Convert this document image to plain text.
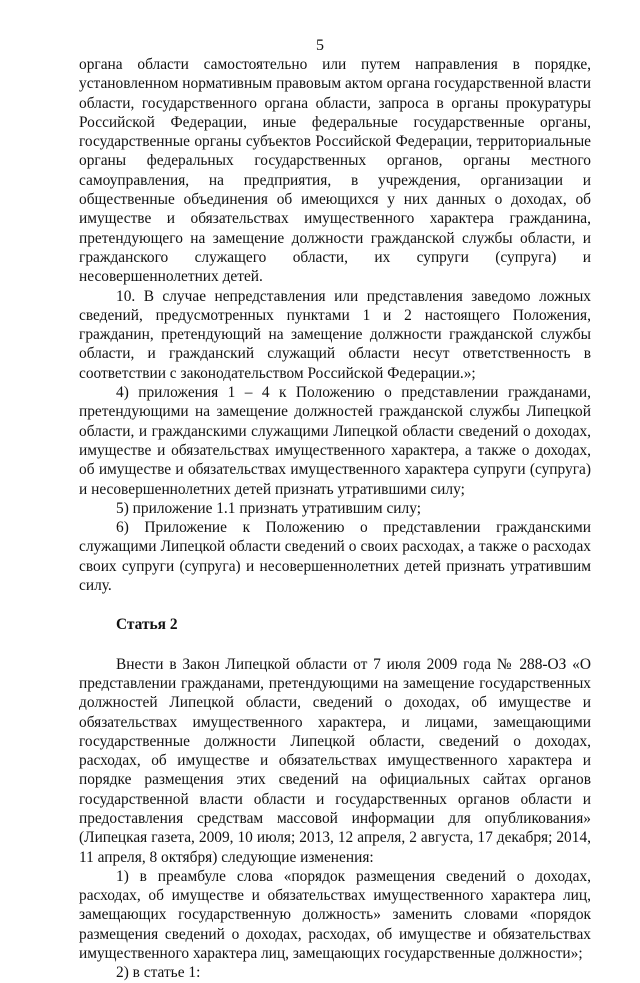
5

органа области самостоятельно или путем направления в порядке, установленном нормативным правовым актом органа государственной власти области, государственного органа области, запроса в органы прокуратуры Российской Федерации, иные федеральные государственные органы, государственные органы субъектов Российской Федерации, территориальные органы федеральных государственных органов, органы местного самоуправления, на предприятия, в учреждения, организации и общественные объединения об имеющихся у них данных о доходах, об имуществе и обязательствах имущественного характера гражданина, претендующего на замещение должности гражданской службы области, и гражданского служащего области, их супруги (супруга) и несовершеннолетних детей.

10. В случае непредставления или представления заведомо ложных сведений, предусмотренных пунктами 1 и 2 настоящего Положения, гражданин, претендующий на замещение должности гражданской службы области, и гражданский служащий области несут ответственность в соответствии с законодательством Российской Федерации.»;

4) приложения 1 – 4 к Положению о представлении гражданами, претендующими на замещение должностей гражданской службы Липецкой области, и гражданскими служащими Липецкой области сведений о доходах, имуществе и обязательствах имущественного характера, а также о доходах, об имуществе и обязательствах имущественного характера супруги (супруга) и несовершеннолетних детей признать утратившими силу;

5) приложение 1.1 признать утратившим силу;

6) Приложение к Положению о представлении гражданскими служащими Липецкой области сведений о своих расходах, а также о расходах своих супруги (супруга) и несовершеннолетних детей признать утратившим силу.

Статья 2

Внести в Закон Липецкой области от 7 июля 2009 года № 288-ОЗ «О представлении гражданами, претендующими на замещение государственных должностей Липецкой области, сведений о доходах, об имуществе и обязательствах имущественного характера, и лицами, замещающими государственные должности Липецкой области, сведений о доходах, расходах, об имуществе и обязательствах имущественного характера и порядке размещения этих сведений на официальных сайтах органов государственной власти области и государственных органов области и предоставления средствам массовой информации для опубликования» (Липецкая газета, 2009, 10 июля; 2013, 12 апреля, 2 августа, 17 декабря; 2014, 11 апреля, 8 октября) следующие изменения:

1) в преамбуле слова «порядок размещения сведений о доходах, расходах, об имуществе и обязательствах имущественного характера лиц, замещающих государственную должность» заменить словами «порядок размещения сведений о доходах, расходах, об имуществе и обязательствах имущественного характера лиц, замещающих государственные должности»;

2) в статье 1:
